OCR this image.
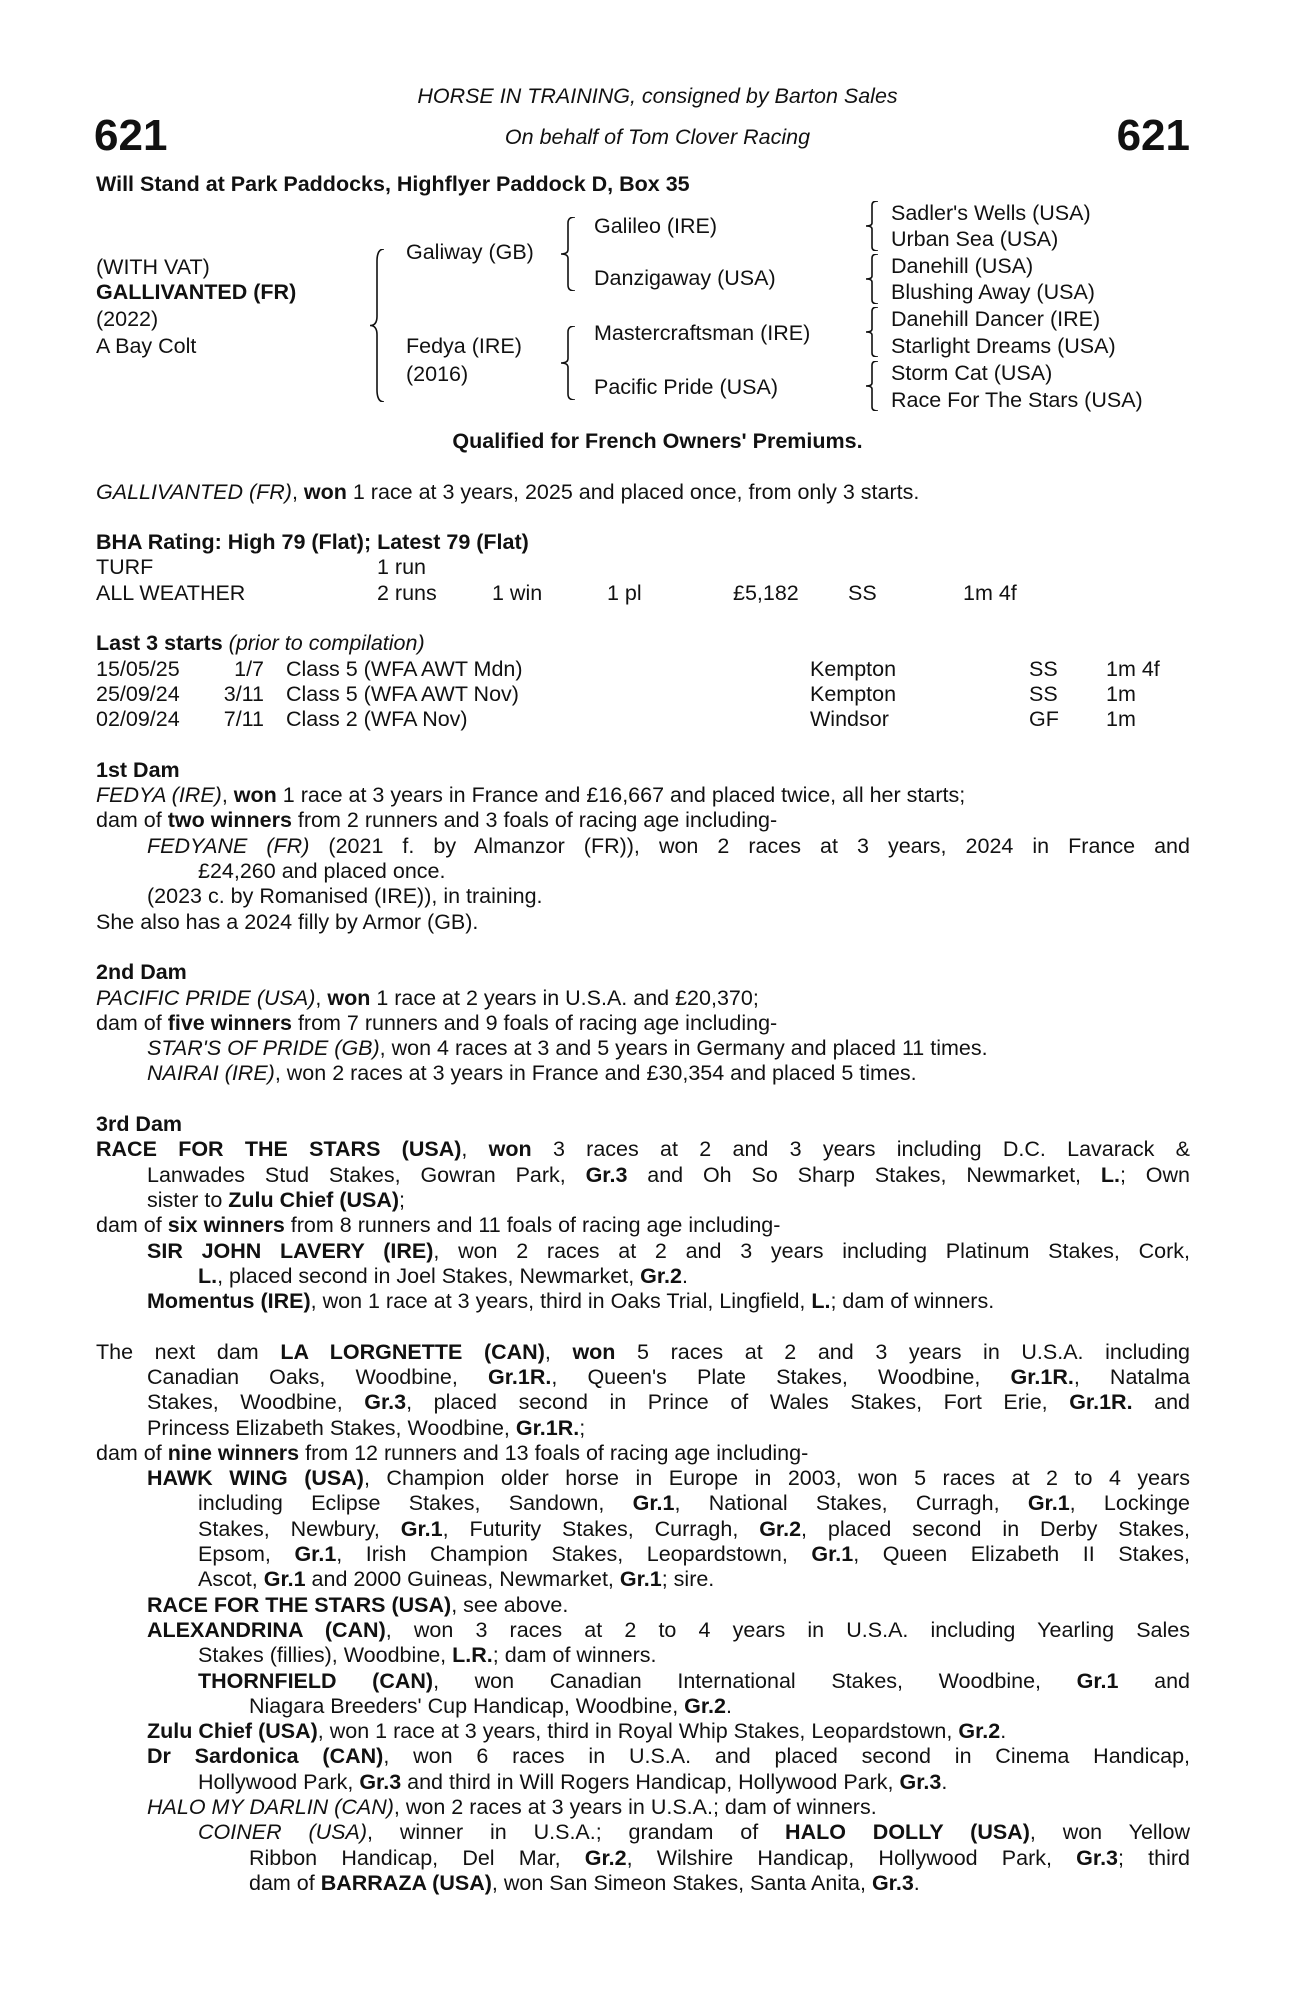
HORSE IN TRAINING, consigned by Barton Sales
On behalf of Tom Clover Racing
621	621
Will Stand at Park Paddocks, Highflyer Paddock D, Box 35
(WITH VAT)
GALLIVANTED (FR)
(2022)
A Bay Colt
Galiway (GB)
Fedya (IRE)
(2016)
Galileo (IRE)
Danzigaway (USA)
Mastercraftsman (IRE)
Pacific Pride (USA)
Sadler's Wells (USA)
Urban Sea (USA)
Danehill (USA)
Blushing Away (USA)
Danehill Dancer (IRE)
Starlight Dreams (USA)
Storm Cat (USA)
Race For The Stars (USA)
Qualified for French Owners' Premiums.
GALLIVANTED (FR), won 1 race at 3 years, 2025 and placed once, from only 3 starts.
BHA Rating: High 79 (Flat); Latest 79 (Flat)
TURF	1 run
ALL WEATHER	2 runs	1 win	1 pl	£5,182 SS	1m 4f
Last 3 starts (prior to compilation)
15/05/25	1/7 Class 5 (WFA AWT Mdn)	Kempton	SS 1m 4f
25/09/24 3/11 Class 5 (WFA AWT Nov)	Kempton	SS 1m
02/09/24 7/11 Class 2 (WFA Nov)	Windsor	GF 1m
1st Dam
FEDYA (IRE), won 1 race at 3 years in France and £16,667 and placed twice, all her starts;
dam of two winners from 2 runners and 3 foals of racing age including-
FEDYANE (FR) (2021 f. by Almanzor (FR)), won 2 races at 3 years, 2024 in France and
£24,260 and placed once.
(2023 c. by Romanised (IRE)), in training.
She also has a 2024 filly by Armor (GB).
2nd Dam
PACIFIC PRIDE (USA), won 1 race at 2 years in U.S.A. and £20,370;
dam of five winners from 7 runners and 9 foals of racing age including-
STAR'S OF PRIDE (GB), won 4 races at 3 and 5 years in Germany and placed 11 times.
NAIRAI (IRE), won 2 races at 3 years in France and £30,354 and placed 5 times.
3rd Dam
RACE FOR THE STARS (USA), won 3 races at 2 and 3 years including D.C. Lavarack &
Lanwades Stud Stakes, Gowran Park, Gr.3 and Oh So Sharp Stakes, Newmarket, L.; Own
sister to Zulu Chief (USA);
dam of six winners from 8 runners and 11 foals of racing age including-
SIR JOHN LAVERY (IRE), won 2 races at 2 and 3 years including Platinum Stakes, Cork,
L., placed second in Joel Stakes, Newmarket, Gr.2.
Momentus (IRE), won 1 race at 3 years, third in Oaks Trial, Lingfield, L.; dam of winners.
The next dam LA LORGNETTE (CAN), won 5 races at 2 and 3 years in U.S.A. including
Canadian Oaks, Woodbine, Gr.1R., Queen's Plate Stakes, Woodbine, Gr.1R., Natalma
Stakes, Woodbine, Gr.3, placed second in Prince of Wales Stakes, Fort Erie, Gr.1R. and
Princess Elizabeth Stakes, Woodbine, Gr.1R.;
dam of nine winners from 12 runners and 13 foals of racing age including-
HAWK WING (USA), Champion older horse in Europe in 2003, won 5 races at 2 to 4 years
including Eclipse Stakes, Sandown, Gr.1, National Stakes, Curragh, Gr.1, Lockinge
Stakes, Newbury, Gr.1, Futurity Stakes, Curragh, Gr.2, placed second in Derby Stakes,
Epsom, Gr.1, Irish Champion Stakes, Leopardstown, Gr.1, Queen Elizabeth II Stakes,
Ascot, Gr.1 and 2000 Guineas, Newmarket, Gr.1; sire.
RACE FOR THE STARS (USA), see above.
ALEXANDRINA (CAN), won 3 races at 2 to 4 years in U.S.A. including Yearling Sales
Stakes (fillies), Woodbine, L.R.; dam of winners.
THORNFIELD (CAN), won Canadian International Stakes, Woodbine, Gr.1 and
Niagara Breeders' Cup Handicap, Woodbine, Gr.2.
Zulu Chief (USA), won 1 race at 3 years, third in Royal Whip Stakes, Leopardstown, Gr.2.
Dr Sardonica (CAN), won 6 races in U.S.A. and placed second in Cinema Handicap,
Hollywood Park, Gr.3 and third in Will Rogers Handicap, Hollywood Park, Gr.3.
HALO MY DARLIN (CAN), won 2 races at 3 years in U.S.A.; dam of winners.
COINER (USA), winner in U.S.A.; grandam of HALO DOLLY (USA), won Yellow
Ribbon Handicap, Del Mar, Gr.2, Wilshire Handicap, Hollywood Park, Gr.3; third
dam of BARRAZA (USA), won San Simeon Stakes, Santa Anita, Gr.3.
